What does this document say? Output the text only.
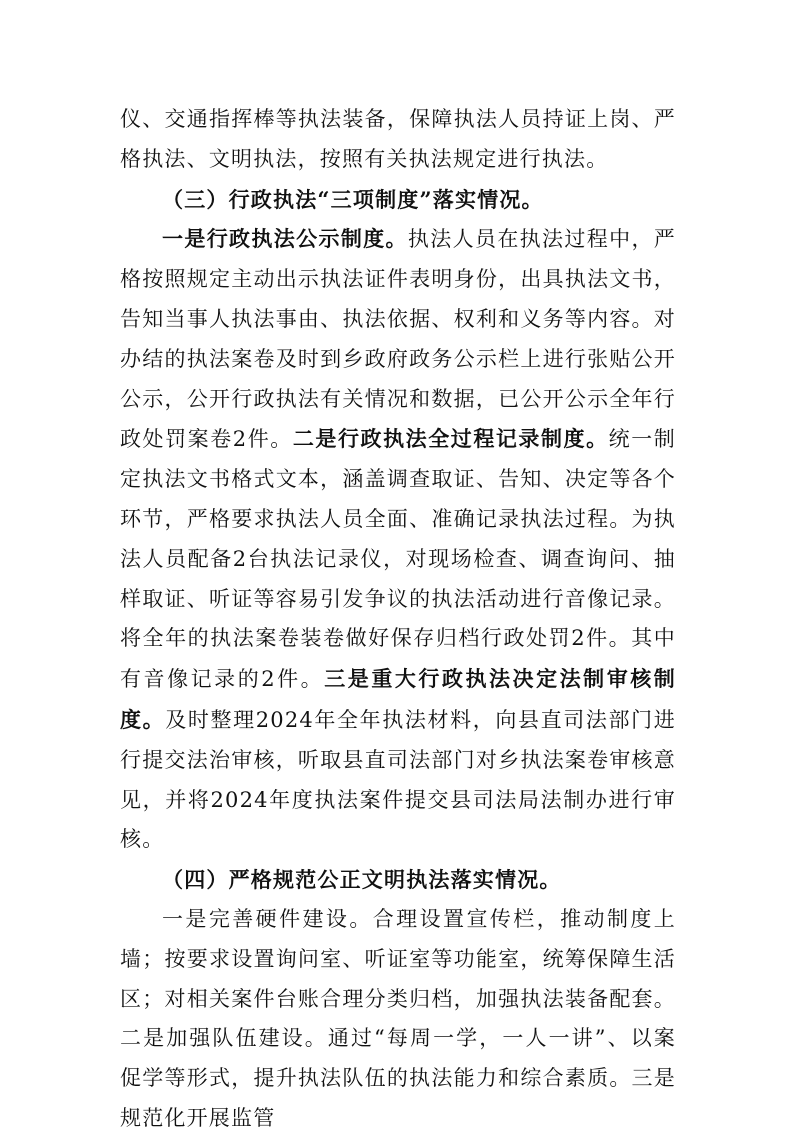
仪、交通指挥棒等执法装备，保障执法人员持证上岗、严格执法、文明执法，按照有关执法规定进行执法。

（三）行政执法“三项制度”落实情况。

一是行政执法公示制度。执法人员在执法过程中，严格按照规定主动出示执法证件表明身份，出具执法文书，告知当事人执法事由、执法依据、权利和义务等内容。对办结的执法案卷及时到乡政府政务公示栏上进行张贴公开公示，公开行政执法有关情况和数据，已公开公示全年行政处罚案卷2件。二是行政执法全过程记录制度。统一制定执法文书格式文本，涵盖调查取证、告知、决定等各个环节，严格要求执法人员全面、准确记录执法过程。为执法人员配备2台执法记录仪，对现场检查、调查询问、抽样取证、听证等容易引发争议的执法活动进行音像记录。将全年的执法案卷装卷做好保存归档行政处罚2件。其中有音像记录的2件。三是重大行政执法决定法制审核制度。及时整理2024年全年执法材料，向县直司法部门进行提交法治审核，听取县直司法部门对乡执法案卷审核意见，并将2024年度执法案件提交县司法局法制办进行审核。

（四）严格规范公正文明执法落实情况。

一是完善硬件建设。合理设置宣传栏，推动制度上墙；按要求设置询问室、听证室等功能室，统筹保障生活区；对相关案件台账合理分类归档，加强执法装备配套。二是加强队伍建设。通过“每周一学，一人一讲”、以案促学等形式，提升执法队伍的执法能力和综合素质。三是规范化开展监管
